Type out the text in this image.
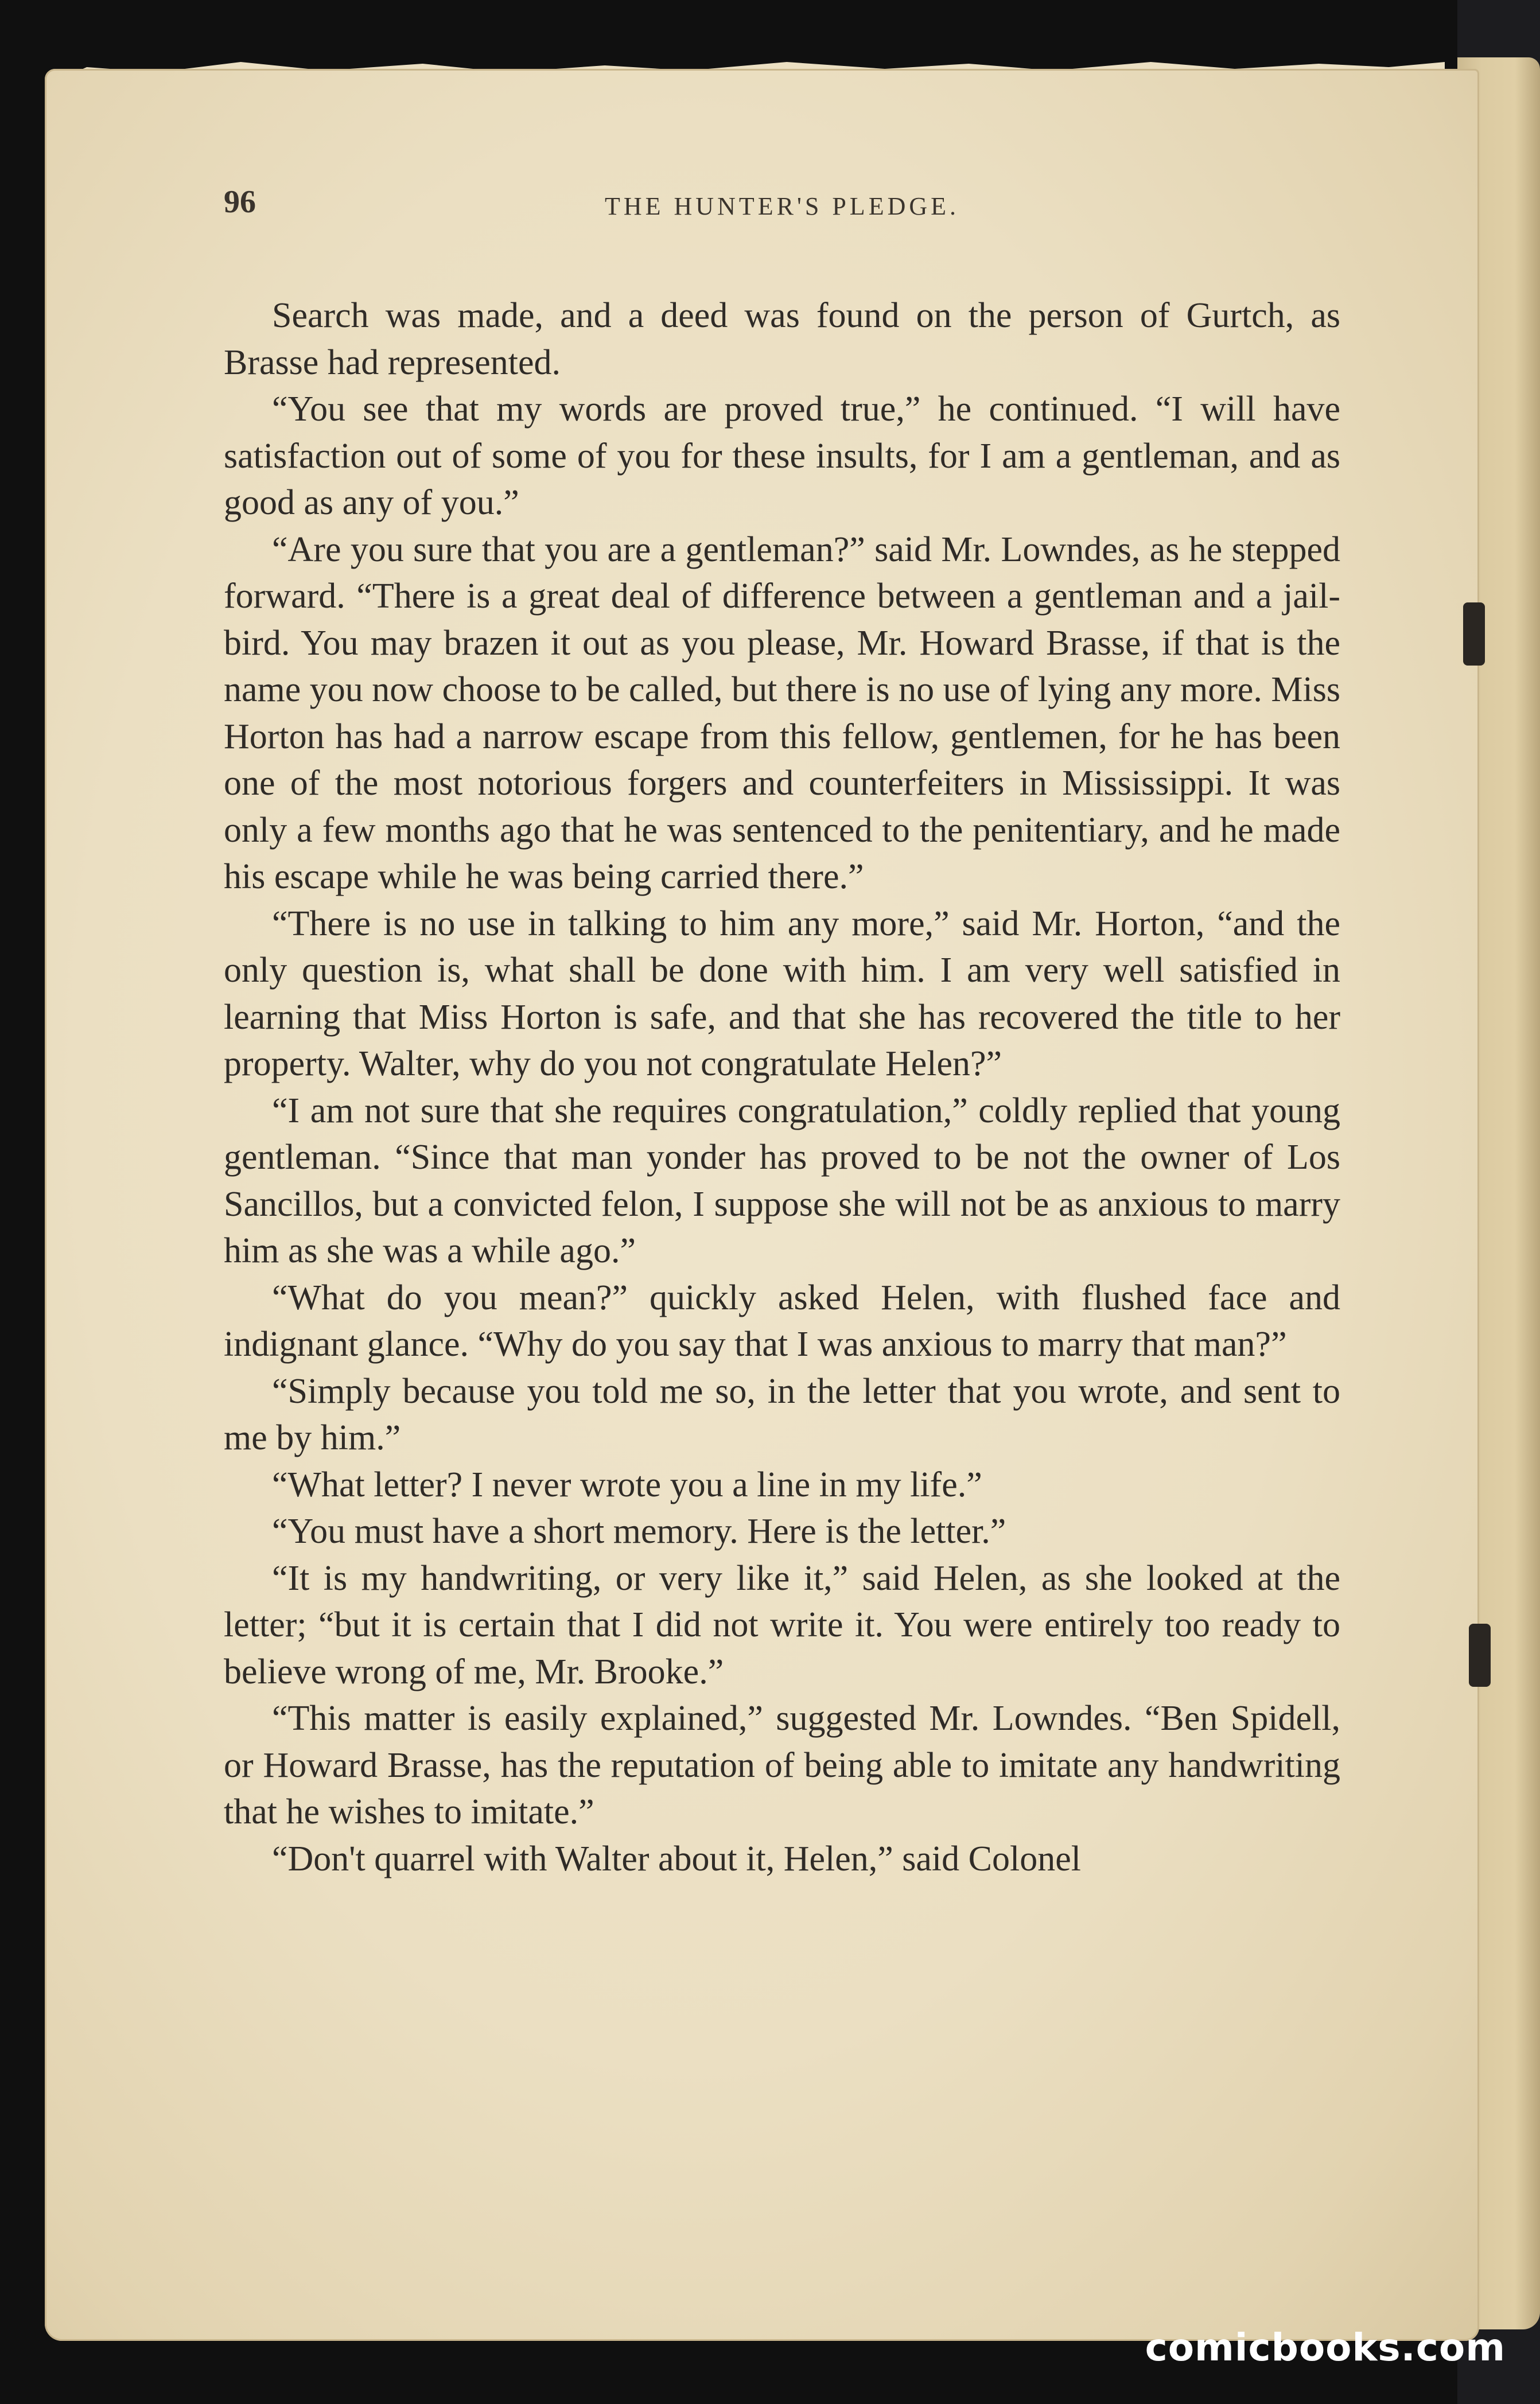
96	THE HUNTER'S PLEDGE.

Search was made, and a deed was found on the person of Gurtch, as Brasse had represented.

“You see that my words are proved true,” he continued. “I will have satisfaction out of some of you for these insults, for I am a gentleman, and as good as any of you.”

“Are you sure that you are a gentleman?” said Mr. Lowndes, as he stepped forward. “There is a great deal of difference between a gentleman and a jail-bird. You may brazen it out as you please, Mr. Howard Brasse, if that is the name you now choose to be called, but there is no use of lying any more. Miss Horton has had a narrow escape from this fellow, gentlemen, for he has been one of the most notorious forgers and counterfeiters in Mississippi. It was only a few months ago that he was sentenced to the penitentiary, and he made his escape while he was being carried there.”

“There is no use in talking to him any more,” said Mr. Horton, “and the only question is, what shall be done with him. I am very well satisfied in learning that Miss Horton is safe, and that she has recovered the title to her property. Walter, why do you not congratulate Helen?”

“I am not sure that she requires congratulation,” coldly replied that young gentleman. “Since that man yonder has proved to be not the owner of Los Sancillos, but a convicted felon, I suppose she will not be as anxious to marry him as she was a while ago.”

“What do you mean?” quickly asked Helen, with flushed face and indignant glance. “Why do you say that I was anxious to marry that man?”

“Simply because you told me so, in the letter that you wrote, and sent to me by him.”

“What letter? I never wrote you a line in my life.”

“You must have a short memory. Here is the letter.”

“It is my handwriting, or very like it,” said Helen, as she looked at the letter; “but it is certain that I did not write it. You were entirely too ready to believe wrong of me, Mr. Brooke.”

“This matter is easily explained,” suggested Mr. Lowndes. “Ben Spidell, or Howard Brasse, has the reputation of being able to imitate any handwriting that he wishes to imitate.”

“Don't quarrel with Walter about it, Helen,” said Colonel

comicbooks.com
